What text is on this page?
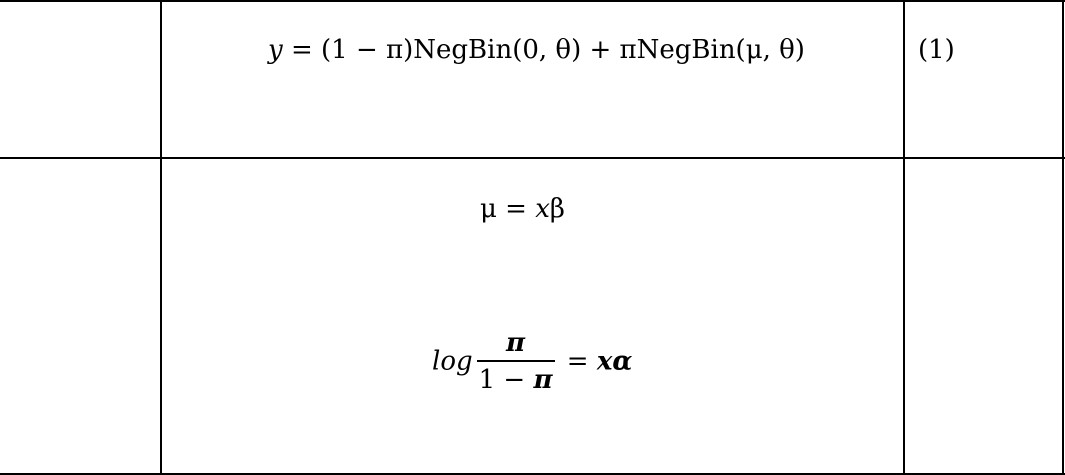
y = (1 − π)NegBin(0, θ) + πNegBin(μ, θ)	(1)
μ = xβ
$\log \frac{\pi}{1 - \pi} = x\alpha$
